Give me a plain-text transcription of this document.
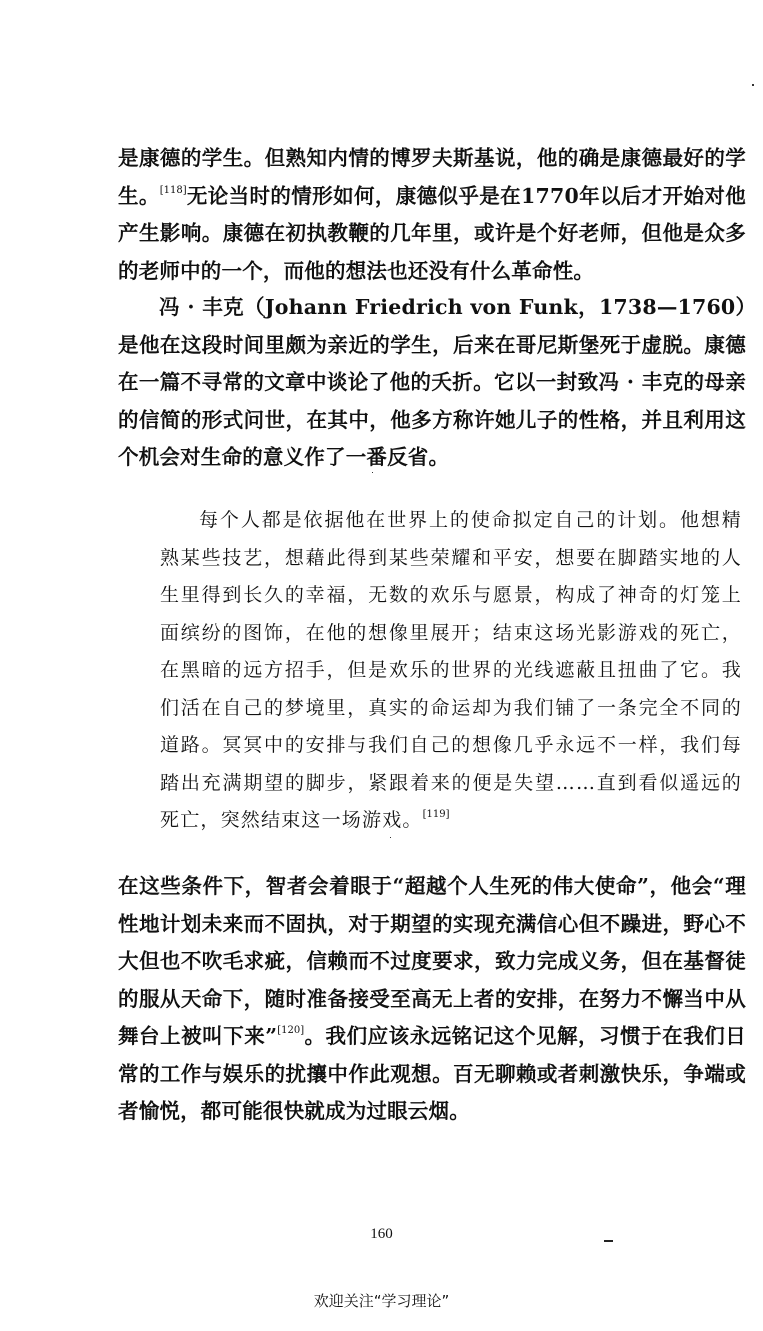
是康德的学生。但熟知内情的博罗夫斯基说，他的确是康德最好的学生。[118]无论当时的情形如何，康德似乎是在1770年以后才开始对他产生影响。康德在初执教鞭的几年里，或许是个好老师，但他是众多的老师中的一个，而他的想法也还没有什么革命性。

冯 · 丰克（Johann Friedrich von Funk，1738—1760）是他在这段时间里颇为亲近的学生，后来在哥尼斯堡死于虚脱。康德在一篇不寻常的文章中谈论了他的夭折。它以一封致冯 · 丰克的母亲的信简的形式问世，在其中，他多方称许她儿子的性格，并且利用这个机会对生命的意义作了一番反省。

每个人都是依据他在世界上的使命拟定自己的计划。他想精熟某些技艺，想藉此得到某些荣耀和平安，想要在脚踏实地的人生里得到长久的幸福，无数的欢乐与愿景，构成了神奇的灯笼上面缤纷的图饰，在他的想像里展开；结束这场光影游戏的死亡，在黑暗的远方招手，但是欢乐的世界的光线遮蔽且扭曲了它。我们活在自己的梦境里，真实的命运却为我们铺了一条完全不同的道路。冥冥中的安排与我们自己的想像几乎永远不一样，我们每踏出充满期望的脚步，紧跟着来的便是失望……直到看似遥远的死亡，突然结束这一场游戏。[119]

在这些条件下，智者会着眼于“超越个人生死的伟大使命”，他会“理性地计划未来而不固执，对于期望的实现充满信心但不躁进，野心不大但也不吹毛求疵，信赖而不过度要求，致力完成义务，但在基督徒的服从天命下，随时准备接受至高无上者的安排，在努力不懈当中从舞台上被叫下来”[120]。我们应该永远铭记这个见解，习惯于在我们日常的工作与娱乐的扰攘中作此观想。百无聊赖或者刺激快乐，争端或者愉悦，都可能很快就成为过眼云烟。

160
欢迎关注“学习理论”
